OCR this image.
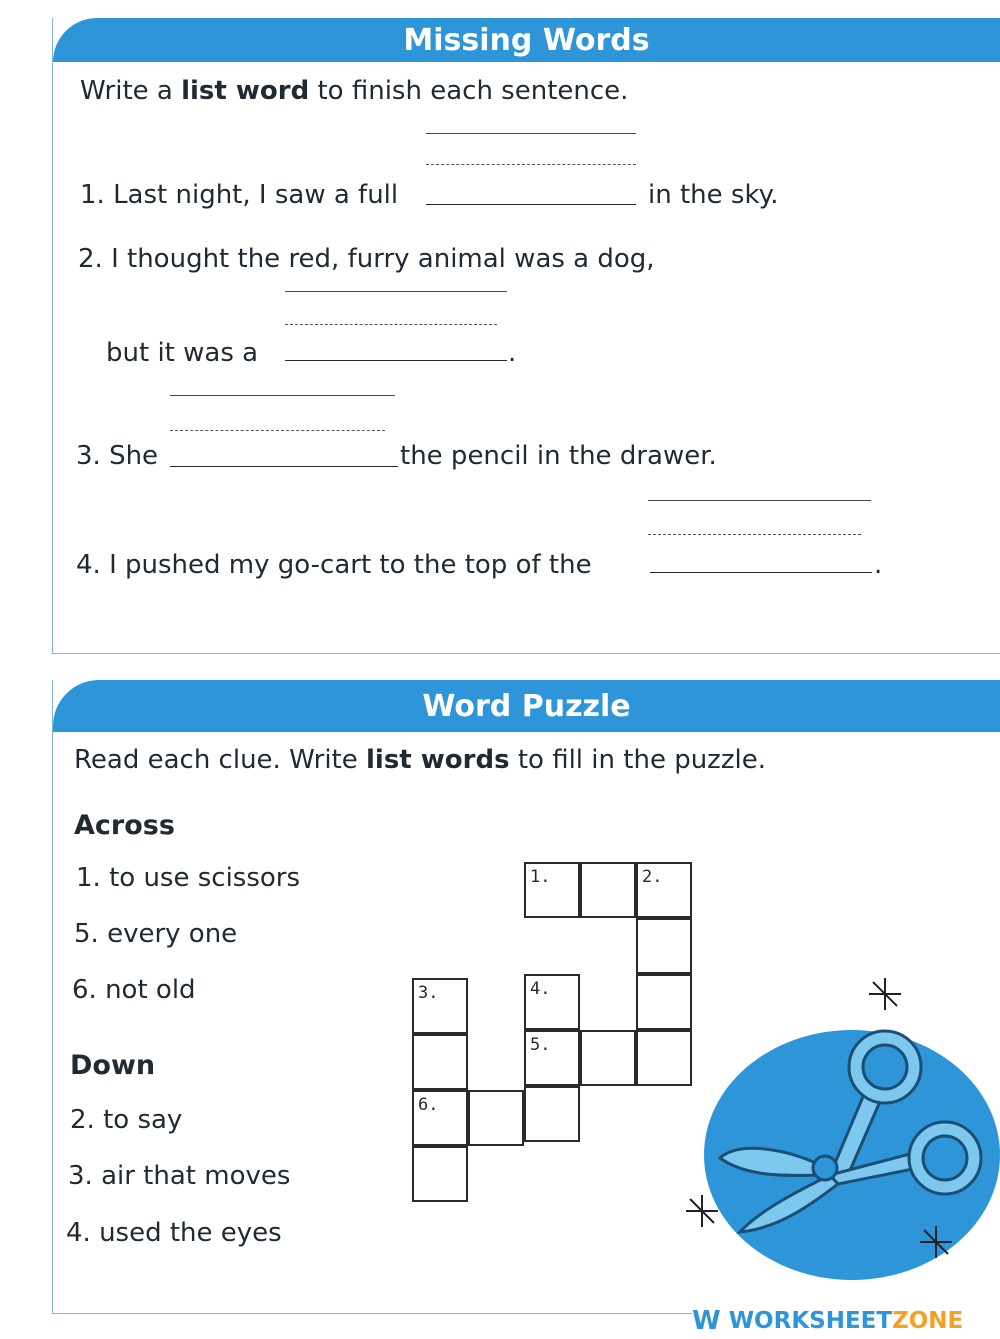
Missing Words
Write a list word to finish each sentence.
1. Last night, I saw a full	in the sky.
2. I thought the red, furry animal was a dog,
but it was a	.
3. She	the pencil in the drawer.
4. I pushed my go-cart to the top of the	.
Word Puzzle
Read each clue. Write list words to fill in the puzzle.
Across
1. to use scissors
5. every one
6. not old
Down
2. to say
3. air that moves
4. used the eyes
1.	2.
4.
5.
3.
6.
W WORKSHEET ZONE
